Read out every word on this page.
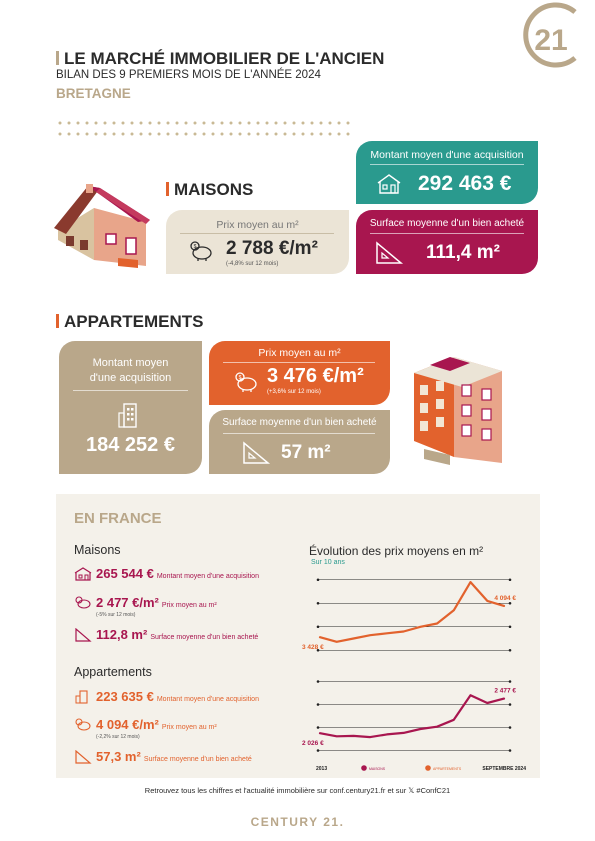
LE MARCHÉ IMMOBILIER DE L'ANCIEN
BILAN DES 9 PREMIERS MOIS DE L'ANNÉE 2024
BRETAGNE
21
MAISONS
Montant moyen d'une acquisition
292 463 €
Prix moyen au m²
$ 2 788 €/m²
(-4,8% sur 12 mois)
Surface moyenne d'un bien acheté
111,4 m²
APPARTEMENTS
Montant moyen
d'une acquisition
184 252 €
Prix moyen au m²
$ 3 476 €/m²
(+3,6% sur 12 mois)
Surface moyenne d'un bien acheté
57 m²
EN FRANCE
Maisons
265 544 € Montant moyen d'une acquisition
2 477 €/m² Prix moyen au m²
(-5% sur 12 mois)
112,8 m² Surface moyenne d'un bien acheté
Appartements
223 635 € Montant moyen d'une acquisition
4 094 €/m² Prix moyen au m²
(-2,2% sur 12 mois)
57,3 m² Surface moyenne d'un bien acheté
Évolution des prix moyens en m²
Sur 10 ans
3 428 €
4 094 €
2 026 €
2 477 €
2013	SEPTEMBRE 2024
MAISONS	APPARTEMENTS
Retrouvez tous les chiffres et l'actualité immobilière sur conf.century21.fr et sur 𝕏 #ConfC21
CENTURY 21.
